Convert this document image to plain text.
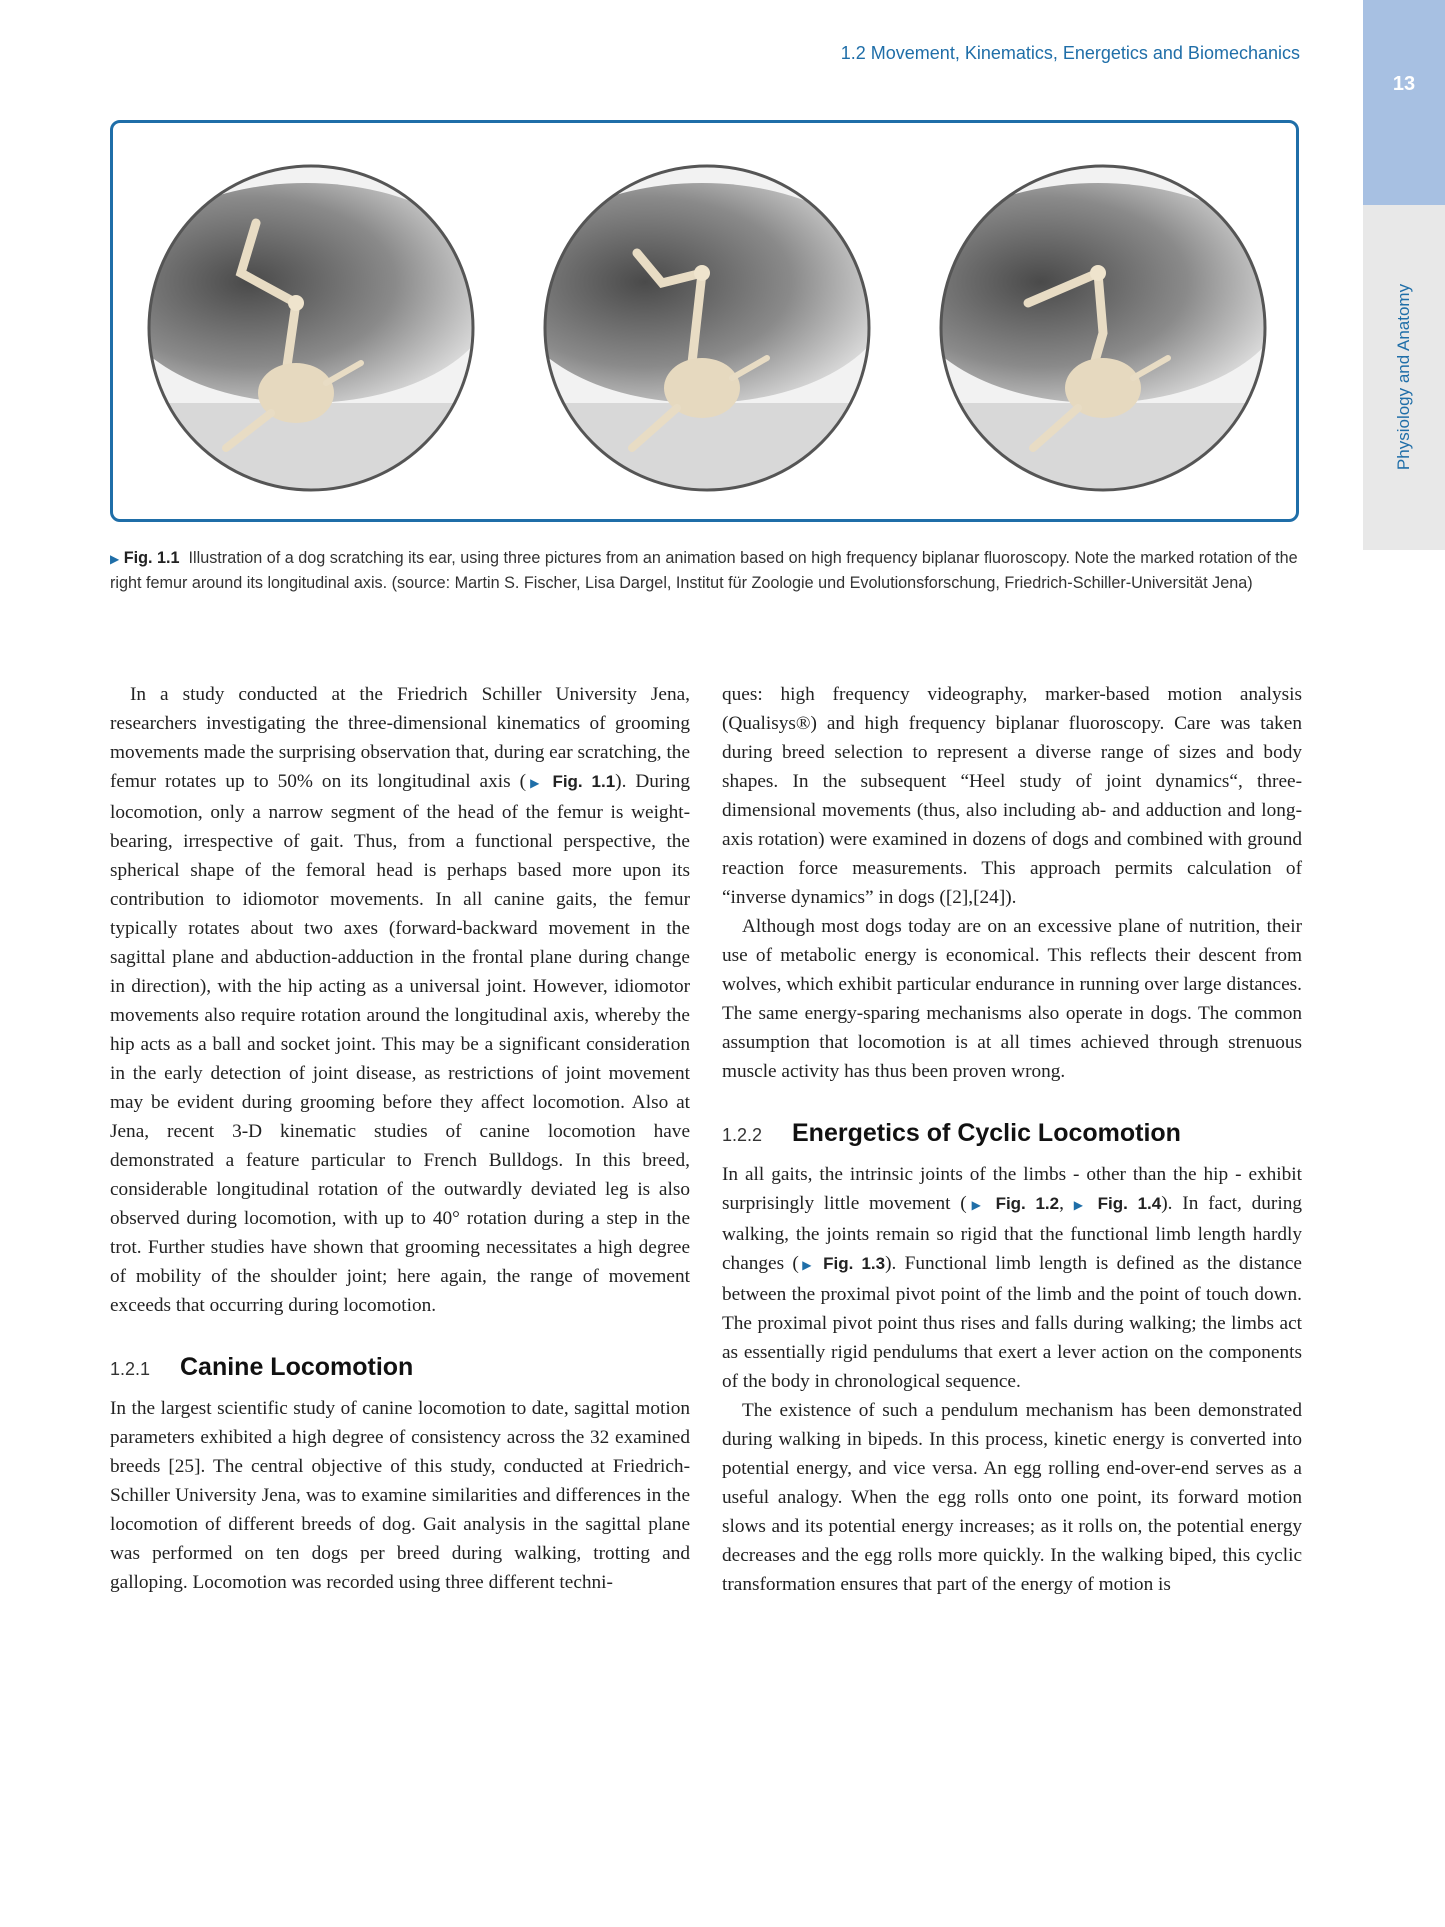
1.2 Movement, Kinematics, Energetics and Biomechanics
13
Physiology and Anatomy
▶ Fig. 1.1 Illustration of a dog scratching its ear, using three pictures from an animation based on high frequency biplanar fluoroscopy. Note the marked rotation of the right femur around its longitudinal axis. (source: Martin S. Fischer, Lisa Dargel, Institut für Zoologie und Evolutionsforschung, Friedrich-Schiller-Universität Jena)

In a study conducted at the Friedrich Schiller University Jena, researchers investigating the three-dimensional kinematics of grooming movements made the surprising observation that, during ear scratching, the femur rotates up to 50% on its longitudinal axis (▶ Fig. 1.1). During locomotion, only a narrow segment of the head of the femur is weight-bearing, irrespective of gait. Thus, from a functional perspective, the spherical shape of the femoral head is perhaps based more upon its contribution to idiomotor movements. In all canine gaits, the femur typically rotates about two axes (forward-backward movement in the sagittal plane and abduction-adduction in the frontal plane during change in direction), with the hip acting as a universal joint. However, idiomotor movements also require rotation around the longitudinal axis, whereby the hip acts as a ball and socket joint. This may be a significant consideration in the early detection of joint disease, as restrictions of joint movement may be evident during grooming before they affect locomotion. Also at Jena, recent 3-D kinematic studies of canine locomotion have demonstrated a feature particular to French Bulldogs. In this breed, considerable longitudinal rotation of the outwardly deviated leg is also observed during locomotion, with up to 40° rotation during a step in the trot. Further studies have shown that grooming necessitates a high degree of mobility of the shoulder joint; here again, the range of movement exceeds that occurring during locomotion.

1.2.1	Canine Locomotion

In the largest scientific study of canine locomotion to date, sagittal motion parameters exhibited a high degree of consistency across the 32 examined breeds [25]. The central objective of this study, conducted at Friedrich-Schiller University Jena, was to examine similarities and differences in the locomotion of different breeds of dog. Gait analysis in the sagittal plane was performed on ten dogs per breed during walking, trotting and galloping. Locomotion was recorded using three different techni-

ques: high frequency videography, marker-based motion analysis (Qualisys®) and high frequency biplanar fluoroscopy. Care was taken during breed selection to represent a diverse range of sizes and body shapes. In the subsequent “Heel study of joint dynamics“, three-dimensional movements (thus, also including ab- and adduction and long-axis rotation) were examined in dozens of dogs and combined with ground reaction force measurements. This approach permits calculation of “inverse dynamics” in dogs ([2],[24]).

Although most dogs today are on an excessive plane of nutrition, their use of metabolic energy is economical. This reflects their descent from wolves, which exhibit particular endurance in running over large distances. The same energy-sparing mechanisms also operate in dogs. The common assumption that locomotion is at all times achieved through strenuous muscle activity has thus been proven wrong.

1.2.2	Energetics of Cyclic Locomotion

In all gaits, the intrinsic joints of the limbs - other than the hip - exhibit surprisingly little movement (▶ Fig. 1.2, ▶ Fig. 1.4). In fact, during walking, the joints remain so rigid that the functional limb length hardly changes (▶ Fig. 1.3). Functional limb length is defined as the distance between the proximal pivot point of the limb and the point of touch down. The proximal pivot point thus rises and falls during walking; the limbs act as essentially rigid pendulums that exert a lever action on the components of the body in chronological sequence.

The existence of such a pendulum mechanism has been demonstrated during walking in bipeds. In this process, kinetic energy is converted into potential energy, and vice versa. An egg rolling end-over-end serves as a useful analogy. When the egg rolls onto one point, its forward motion slows and its potential energy increases; as it rolls on, the potential energy decreases and the egg rolls more quickly. In the walking biped, this cyclic transformation ensures that part of the energy of motion is
